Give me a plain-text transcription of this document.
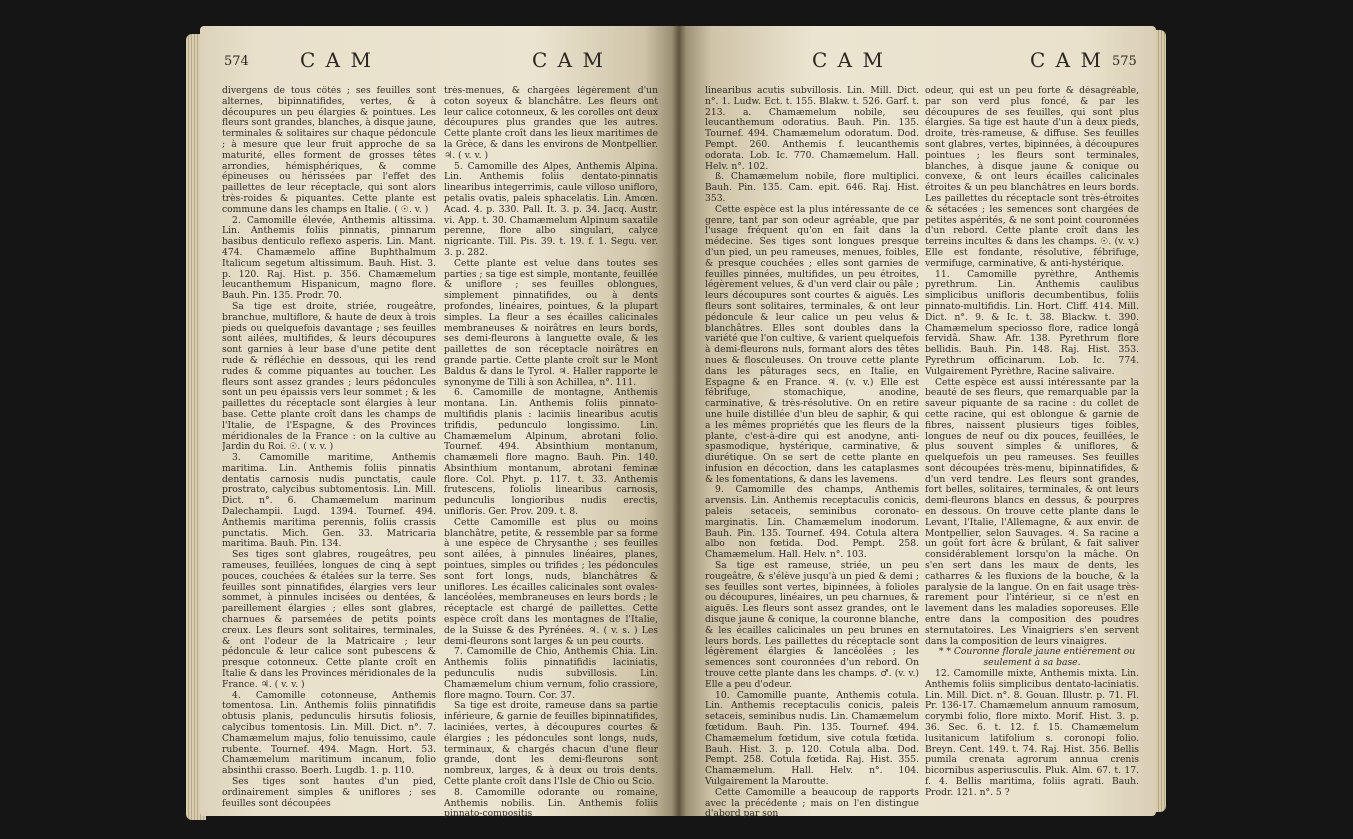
574	C A M	C A M

divergens de tous côtés ; ses feuilles sont alternes, bipinnatifides, vertes, & à découpures un peu élargies & pointues. Les fleurs sont grandes, blanches, à disque jaune, terminales & solitaires sur chaque pédoncule ; à mesure que leur fruit approche de sa maturité, elles forment de grosses têtes arrondies, hémisphériques, & comme épineuses ou hérissées par l'effet des paillettes de leur réceptacle, qui sont alors très-roides & piquantes. Cette plante est commune dans les champs en Italie. ( ☉. v. )

2. Camomille élevée, Anthemis altissima. Lin. Anthemis foliis pinnatis, pinnarum basibus denticulo reflexo asperis. Lin. Mant. 474. Chamæmelo affine Buphthalmum Italicum segetum altissimum. Bauh. Hist. 3. p. 120. Raj. Hist. p. 356. Chamæmelum leucanthemum Hispanicum, magno flore. Bauh. Pin. 135. Prodr. 70.

Sa tige est droite, striée, rougeâtre, branchue, multiflore, & haute de deux à trois pieds ou quelquefois davantage ; ses feuilles sont ailées, multifides, & leurs découpures sont garnies à leur base d'une petite dent rude & réfléchie en dessous, qui les rend rudes & comme piquantes au toucher. Les fleurs sont assez grandes ; leurs pédoncules sont un peu épaissis vers leur sommet ; & les paillettes du réceptacle sont élargies à leur base. Cette plante croît dans les champs de l'Italie, de l'Espagne, & des Provinces méridionales de la France : on la cultive au Jardin du Roi. ☉. ( v. v. )

3. Camomille maritime, Anthemis maritima. Lin. Anthemis foliis pinnatis dentatis carnosis nudis punctatis, caule prostrato, calycibus subtomentosis. Lin. Mill. Dict. n°. 6. Chamæmelum marinum Dalechampii. Lugd. 1394. Tournef. 494. Anthemis maritima perennis, foliis crassis punctatis. Mich. Gen. 33. Matricaria maritima. Bauh. Pin. 134.

Ses tiges sont glabres, rougeâtres, peu rameuses, feuillées, longues de cinq à sept pouces, couchées & étalées sur la terre. Ses feuilles sont pinnatifides, élargies vers leur sommet, à pinnules incisées ou dentées, & pareillement élargies ; elles sont glabres, charnues & parsemées de petits points creux. Les fleurs sont solitaires, terminales, & ont l'odeur de la Matricaire ; leur pédoncule & leur calice sont pubescens & presque cotonneux. Cette plante croît en Italie & dans les Provinces méridionales de la France. ♃. ( v. v. )

4. Camomille cotonneuse, Anthemis tomentosa. Lin. Anthemis foliis pinnatifidis obtusis planis, pedunculis hirsutis foliosis, calycibus tomentosis. Lin. Mill. Dict. n°. 7. Chamæmelum majus, folio tenuissimo, caule rubente. Tournef. 494. Magn. Hort. 53. Chamæmelum maritimum incanum, folio absinthii crasso. Boerh. Lugdb. 1. p. 110.

Ses tiges sont hautes d'un pied, ordinairement simples & uniflores ; ses feuilles sont découpées

très-menues, & chargées légèrement d'un coton soyeux & blanchâtre. Les fleurs ont leur calice cotonneux, & les corolles ont deux découpures plus grandes que les autres. Cette plante croît dans les lieux maritimes de la Grèce, & dans les environs de Montpellier. ♃. ( v. v. )

5. Camomille des Alpes, Anthemis Alpina. Lin. Anthemis foliis dentato-pinnatis linearibus integerrimis, caule villoso unifloro, petalis ovatis, paleis sphacelatis. Lin. Amœn. Acad. 4. p. 330. Pall. It. 3. p. 34. Jacq. Austr. vi. App. t. 30. Chamæmelum Alpinum saxatile perenne, flore albo singulari, calyce nigricante. Till. Pis. 39. t. 19. f. 1. Segu. ver. 3. p. 282.

Cette plante est velue dans toutes ses parties ; sa tige est simple, montante, feuillée & uniflore ; ses feuilles oblongues, simplement pinnatifides, ou à dents profondes, linéaires, pointues, & la plupart simples. La fleur a ses écailles calicinales membraneuses & noirâtres en leurs bords, ses demi-fleurons à languette ovale, & les paillettes de son réceptacle noirâtres en grande partie. Cette plante croît sur le Mont Baldus & dans le Tyrol. ♃. Haller rapporte le synonyme de Tilli à son Achillea, n°. 111.

6. Camomille de montagne, Anthemis montana. Lin. Anthemis foliis pinnato-multifidis planis : laciniis linearibus acutis trifidis, pedunculo longissimo. Lin. Chamæmelum Alpinum, abrotani folio. Tournef. 494. Absinthium montanum, chamæmeli flore magno. Bauh. Pin. 140. Absinthium montanum, abrotani feminæ flore. Col. Phyt. p. 117. t. 33. Anthemis frutescens, foliolis linearibus carnosis, pedunculis longioribus nudis erectis, unifloris. Ger. Prov. 209. t. 8.

Cette Camomille est plus ou moins blanchâtre, petite, & ressemble par sa forme à une espèce de Chrysanthe ; ses feuilles sont ailées, à pinnules linéaires, planes, pointues, simples ou trifides ; les pédoncules sont fort longs, nuds, blanchâtres & uniflores. Les écailles calicinales sont ovales-lancéolées, membraneuses en leurs bords ; le réceptacle est chargé de paillettes. Cette espèce croît dans les montagnes de l'Italie, de la Suisse & des Pyrénées. ♃. ( v. s. ) Les demi-fleurons sont larges & un peu courts.

7. Camomille de Chio, Anthemis Chia. Lin. Anthemis foliis pinnatifidis laciniatis, pedunculis nudis subvillosis. Lin. Chamæmelum chium vernum, folio crassiore, flore magno. Tourn. Cor. 37.

Sa tige est droite, rameuse dans sa partie inférieure, & garnie de feuilles bipinnatifides, laciniées, vertes, à découpures courtes & élargies ; les pédoncules sont longs, nuds, terminaux, & chargés chacun d'une fleur grande, dont les demi-fleurons sont nombreux, larges, & à deux ou trois dents. Cette plante croît dans l'Isle de Chio ou Scio.

8. Camomille odorante ou romaine, Anthemis nobilis. Lin. Anthemis foliis pinnato-compositis

C A M	C A M 575

linearibus acutis subvillosis. Lin. Mill. Dict. n°. 1. Ludw. Ect. t. 155. Blakw. t. 526. Garf. t. 213. a. Chamæmelum nobile, seu leucanthemum odoratius. Bauh. Pin. 135. Tournef. 494. Chamæmelum odoratum. Dod. Pempt. 260. Anthemis f. leucanthemis odorata. Lob. Ic. 770. Chamæmelum. Hall. Helv. n°. 102.

ß. Chamæmelum nobile, flore multiplici. Bauh. Pin. 135. Cam. epit. 646. Raj. Hist. 353.

Cette espèce est la plus intéressante de ce genre, tant par son odeur agréable, que par l'usage fréquent qu'on en fait dans la médecine. Ses tiges sont longues presque d'un pied, un peu rameuses, menues, foibles, & presque couchées ; elles sont garnies de feuilles pinnées, multifides, un peu étroites, légèrement velues, & d'un verd clair ou pâle ; leurs découpures sont courtes & aiguës. Les fleurs sont solitaires, terminales, & ont leur pédoncule & leur calice un peu velus & blanchâtres. Elles sont doubles dans la variété que l'on cultive, & varient quelquefois à demi-fleurons nuls, formant alors des têtes nues & flosculeuses. On trouve cette plante dans les pâturages secs, en Italie, en Espagne & en France. ♃. (v. v.) Elle est fébrifuge, stomachique, anodine, carminative, & très-résolutive. On en retire une huile distillée d'un bleu de saphir, & qui a les mêmes propriétés que les fleurs de la plante, c'est-à-dire qui est anodyne, anti-spasmodique, hystérique, carminative, & diurétique. On se sert de cette plante en infusion en décoction, dans les cataplasmes & les fomentations, & dans les lavemens.

9. Camomille des champs, Anthemis arvensis. Lin. Anthemis receptaculis conicis, paleis setaceis, seminibus coronato-marginatis. Lin. Chamæmelum inodorum. Bauh. Pin. 135. Tournef. 494. Cotula altera albo non fœtida. Dod. Pempt. 258. Chamæmelum. Hall. Helv. n°. 103.

Sa tige est rameuse, striée, un peu rougeâtre, & s'élève jusqu'à un pied & demi ; ses feuilles sont vertes, bipinnées, à folioles ou découpures, linéaires, un peu charnues, & aiguës. Les fleurs sont assez grandes, ont le disque jaune & conique, la couronne blanche, & les écailles calicinales un peu brunes en leurs bords. Les paillettes du réceptacle sont légèrement élargies & lancéolées ; les semences sont couronnées d'un rebord. On trouve cette plante dans les champs. ♂. (v. v.) Elle a peu d'odeur.

10. Camomille puante, Anthemis cotula. Lin. Anthemis receptaculis conicis, paleis setaceis, seminibus nudis. Lin. Chamæmelum fœtidum. Bauh. Pin. 135. Tournef. 494. Chamæmelum fœtidum, sive cotula fœtida. Bauh. Hist. 3. p. 120. Cotula alba. Dod. Pempt. 258. Cotula fœtida. Raj. Hist. 355. Chamæmelum. Hall. Helv. n°. 104. Vulgairement la Maroutte.

Cette Camomille a beaucoup de rapports avec la précédente ; mais on l'en distingue d'abord par son

odeur, qui est un peu forte & désagréable, par son verd plus foncé, & par les découpures de ses feuilles, qui sont plus élargies. Sa tige est haute d'un à deux pieds, droite, très-rameuse, & diffuse. Ses feuilles sont glabres, vertes, bipinnées, à découpures pointues ; les fleurs sont terminales, blanches, à disque jaune & conique ou convexe, & ont leurs écailles calicinales étroites & un peu blanchâtres en leurs bords. Les paillettes du réceptacle sont très-étroites & sétacées ; les semences sont chargées de petites aspérités, & ne sont point couronnées d'un rebord. Cette plante croît dans les terreins incultes & dans les champs. ☉. (v. v.) Elle est fondante, résolutive, fébrifuge, vermifuge, carminative, & anti-hystérique.

11. Camomille pyrèthre, Anthemis pyrethrum. Lin. Anthemis caulibus simplicibus unifloris decumbentibus, foliis pinnato-multifidis. Lin. Hort. Cliff. 414. Mill. Dict. n°. 9. & Ic. t. 38. Blackw. t. 390. Chamæmelum speciosso flore, radice longâ fervidâ. Shaw. Afr. 138. Pyrethrum flore bellidis. Bauh. Pin. 148. Raj. Hist. 353. Pyrethrum officinarum. Lob. Ic. 774. Vulgairement Pyrèthre, Racine salivaire.

Cette espèce est aussi intéressante par la beauté de ses fleurs, que remarquable par la saveur piquante de sa racine : du collet de cette racine, qui est oblongue & garnie de fibres, naissent plusieurs tiges foibles, longues de neuf ou dix pouces, feuillées, le plus souvent simples & uniflores, & quelquefois un peu rameuses. Ses feuilles sont découpées très-menu, bipinnatifides, & d'un verd tendre. Les fleurs sont grandes, fort belles, solitaires, terminales, & ont leurs demi-fleurons blancs en dessus, & pourpres en dessous. On trouve cette plante dans le Levant, l'Italie, l'Allemagne, & aux envir. de Montpellier, selon Sauvages. ♃. Sa racine a un goût fort âcre & brûlant, & fait saliver considérablement lorsqu'on la mâche. On s'en sert dans les maux de dents, les catharres & les fluxions de la bouche, & la paralysie de la langue. On en fait usage très-rarement pour l'intérieur, si ce n'est en lavement dans les maladies soporeuses. Elle entre dans la composition des poudres sternutatoires. Les Vinaigriers s'en servent dans la composition de leurs vinaigres.

* * Couronne florale jaune entièrement ou seulement à sa base.

12. Camomille mixte, Anthemis mixta. Lin. Anthemis foliis simplicibus dentato-laciniatis. Lin. Mill. Dict. n°. 8. Gouan. Illustr. p. 71. Fl. Pr. 136-17. Chamæmelum annuum ramosum, corymbi folio, flore mixto. Morif. Hist. 3. p. 36. Sec. 6. t. 12. f. 15. Chamæmelum lusitanicum latifolium s. coronopi folio. Breyn. Cent. 149. t. 74. Raj. Hist. 356. Bellis pumila crenata agrorum annua crenis bicornibus asperiusculis. Pluk. Alm. 67. t. 17. f. 4. Bellis maritima, foliis agrati. Bauh. Prodr. 121. n°. 5 ?
